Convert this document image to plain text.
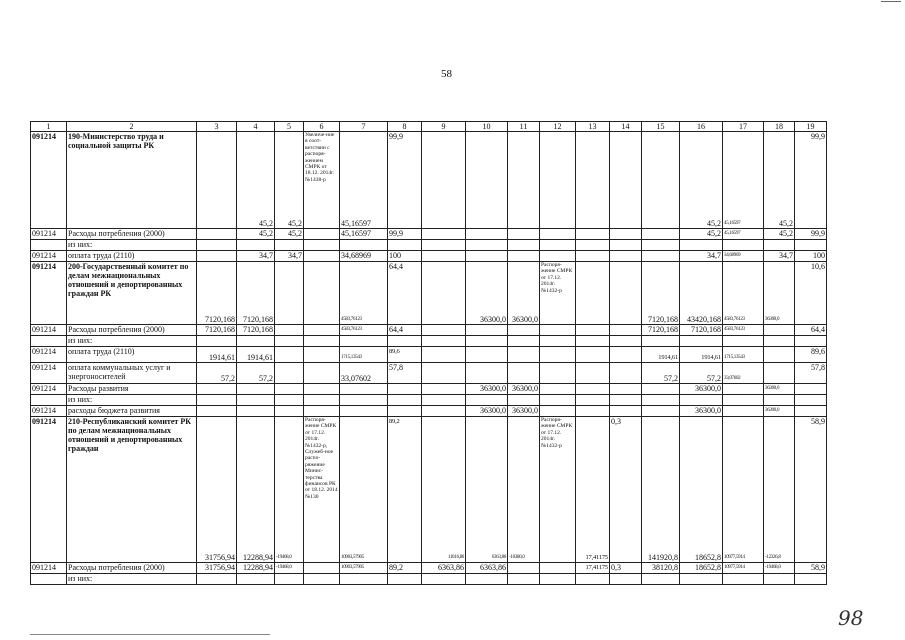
58
1	2	3	4	5	6	7	8	9	10	11	12	13	14	15	16	17	18	19
091214	190-Министерство труда и социальной защиты РК		45,2	45,2	Увеличе-ние в соот-ветствии с распоря-жением СМРК от 18.12. 2014г. №1438-р	45,16597	99,9								45,2	45,16597	45,2	99,9
091214	Расходы потребления (2000)		45,2	45,2		45,16597	99,9								45,2	45,16597	45,2	99,9
	из них:																	
091214	оплата труда (2110)		34,7	34,7		34,68969	100								34,7	34,68969	34,7	100
091214	200-Государственный комитет по делам межнациональных отношений и депортированных граждан РК	7120,168	7120,168			4583,76123	64,4		36300,0	36300,0	Распоря-жение СМРК от 17.12. 2014г. №1432-р			7120,168	43420,168	4583,76123	36300,0	10,6
091214	Расходы потребления (2000)	7120,168	7120,168			4583,76123	64,4							7120,168	7120,168	4583,76123		64,4
	из них:																	
091214	оплата труда (2110)	1914,61	1914,61			1715,13543	89,6							1914,61	1914,61	1715,13543		89,6
091214	оплата коммунальных услуг и энергоносителей	57,2	57,2			33,07602	57,8							57,2	57,2	33,07602		57,8
091214	Расходы развития								36300,0	36300,0					36300,0		36300,0	
	из них:																	
091214	расходы бюджета развития								36300,0	36300,0					36300,0		36300,0	
091214	210-Республиканский комитет РК по делам межнациональных отношений и депортированных граждан	31756,94	12288,94	-19468,0	Распоря-жение СМРК от 17.12. 2014г. №1432-р, Служеб-ное распо-ряжение Минис-терства финансов РК от 18.12. 2014 №130	10903,57905	89,2	11016,86	6363,86	-10380,0	Распоря-жение СМРК от 17.12. 2014г. №1432-р	17,41175	0,3	141920,8	18652,8	10977,5914	-12326,8	58,9
091214	Расходы потребления (2000)	31756,94	12288,94	-19468,0		10903,57905	89,2	6363,86	6363,86			17,41175	0,3	38120,8	18652,8	10977,5914	-19468,0	58,9
	из них:																	
98
